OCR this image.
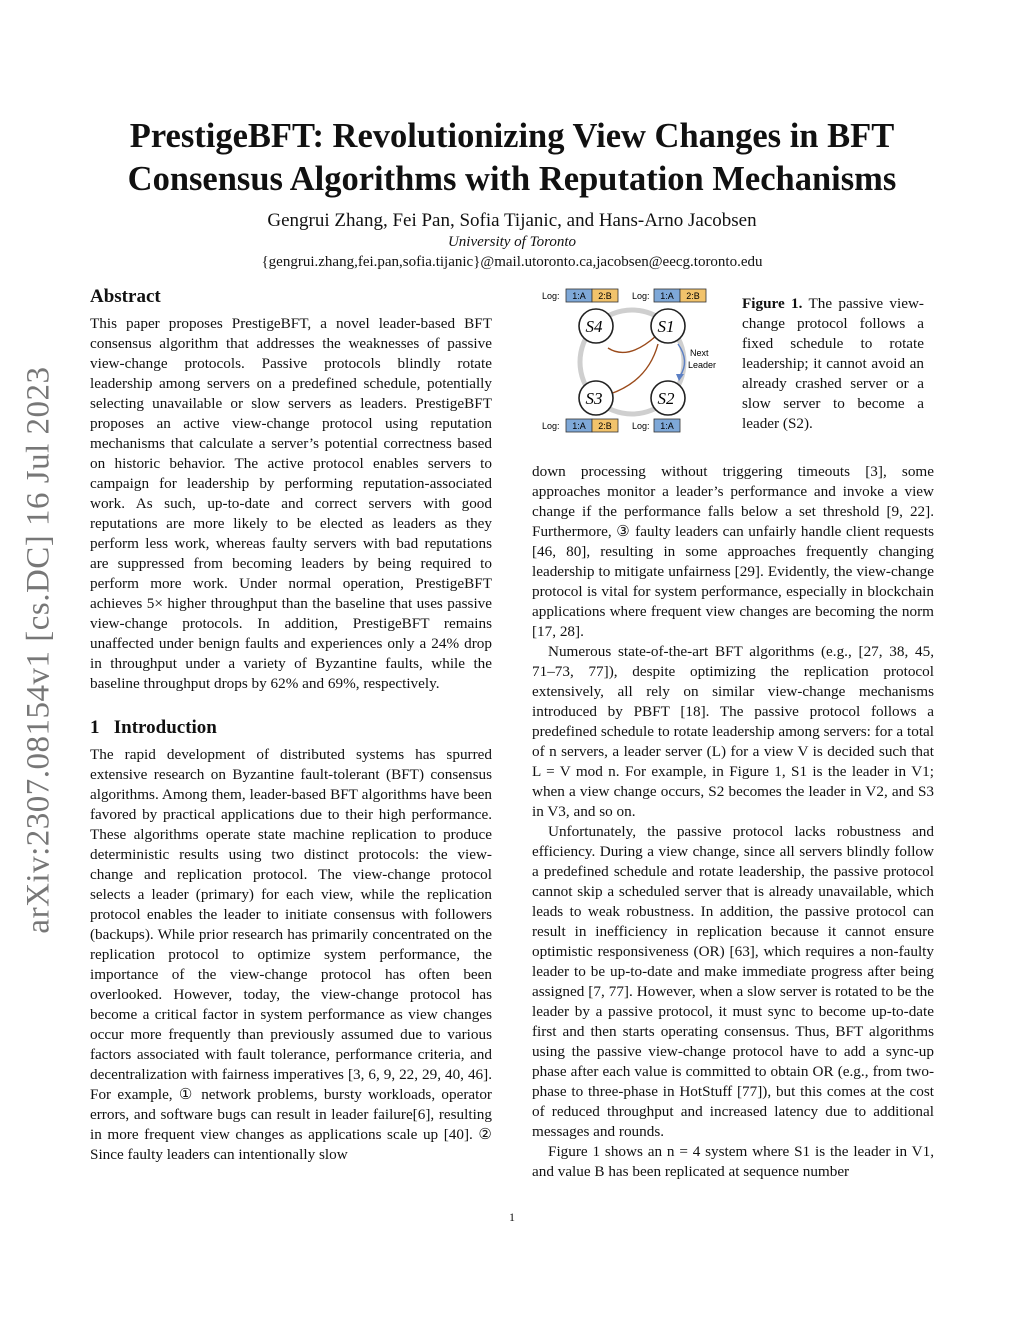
arXiv:2307.08154v1 [cs.DC] 16 Jul 2023
PrestigeBFT: Revolutionizing View Changes in BFT
Consensus Algorithms with Reputation Mechanisms
Gengrui Zhang, Fei Pan, Sofia Tijanic, and Hans-Arno Jacobsen
University of Toronto
{gengrui.zhang,fei.pan,sofia.tijanic}@mail.utoronto.ca,jacobsen@eecg.toronto.edu
Abstract
This paper proposes PrestigeBFT, a novel leader-based BFT consensus algorithm that addresses the weaknesses of passive view-change protocols. Passive protocols blindly rotate leadership among servers on a predefined schedule, potentially selecting unavailable or slow servers as leaders. PrestigeBFT proposes an active view-change protocol using reputation mechanisms that calculate a server’s potential correctness based on historic behavior. The active protocol enables servers to campaign for leadership by performing reputation-associated work. As such, up-to-date and correct servers with good reputations are more likely to be elected as leaders as they perform less work, whereas faulty servers with bad reputations are suppressed from becoming leaders by being required to perform more work. Under normal operation, PrestigeBFT achieves 5× higher throughput than the baseline that uses passive view-change protocols. In addition, PrestigeBFT remains unaffected under benign faults and experiences only a 24% drop in throughput under a variety of Byzantine faults, while the baseline throughput drops by 62% and 69%, respectively.
1 Introduction
The rapid development of distributed systems has spurred extensive research on Byzantine fault-tolerant (BFT) consensus algorithms. Among them, leader-based BFT algorithms have been favored by practical applications due to their high performance. These algorithms operate state machine replication to produce deterministic results using two distinct protocols: the view-change and replication protocol. The view-change protocol selects a leader (primary) for each view, while the replication protocol enables the leader to initiate consensus with followers (backups). While prior research has primarily concentrated on the replication protocol to optimize system performance, the importance of the view-change protocol has often been overlooked. However, today, the view-change protocol has become a critical factor in system performance as view changes occur more frequently than previously assumed due to various factors associated with fault tolerance, performance criteria, and decentralization with fairness imperatives [3, 6, 9, 22, 29, 40, 46]. For example, ① network problems, bursty workloads, operator errors, and software bugs can result in leader failure[6], resulting in more frequent view changes as applications scale up [40]. ② Since faulty leaders can intentionally slow
Log: 1:A 2:B Log: 1:A 2:B
Log: 1:A 2:B Log: 1:A
Next
Leader
S4	S1
S3	S2
Figure 1. The passive view-change protocol follows a fixed schedule to rotate leadership; it cannot avoid an already crashed server or a slow server to become a leader (S2).
down processing without triggering timeouts [3], some approaches monitor a leader’s performance and invoke a view change if the performance falls below a set threshold [9, 22]. Furthermore, ③ faulty leaders can unfairly handle client requests [46, 80], resulting in some approaches frequently changing leadership to mitigate unfairness [29]. Evidently, the view-change protocol is vital for system performance, especially in blockchain applications where frequent view changes are becoming the norm [17, 28].
Numerous state-of-the-art BFT algorithms (e.g., [27, 38, 45, 71–73, 77]), despite optimizing the replication protocol extensively, all rely on similar view-change mechanisms introduced by PBFT [18]. The passive protocol follows a predefined schedule to rotate leadership among servers: for a total of n servers, a leader server (L) for a view V is decided such that L = V mod n. For example, in Figure 1, S1 is the leader in V1; when a view change occurs, S2 becomes the leader in V2, and S3 in V3, and so on.
Unfortunately, the passive protocol lacks robustness and efficiency. During a view change, since all servers blindly follow a predefined schedule and rotate leadership, the passive protocol cannot skip a scheduled server that is already unavailable, which leads to weak robustness. In addition, the passive protocol can result in inefficiency in replication because it cannot ensure optimistic responsiveness (OR) [63], which requires a non-faulty leader to be up-to-date and make immediate progress after being assigned [7, 77]. However, when a slow server is rotated to be the leader by a passive protocol, it must sync to become up-to-date first and then starts operating consensus. Thus, BFT algorithms using the passive view-change protocol have to add a sync-up phase after each value is committed to obtain OR (e.g., from two-phase to three-phase in HotStuff [77]), but this comes at the cost of reduced throughput and increased latency due to additional messages and rounds.
Figure 1 shows an n = 4 system where S1 is the leader in V1, and value B has been replicated at sequence number
1
